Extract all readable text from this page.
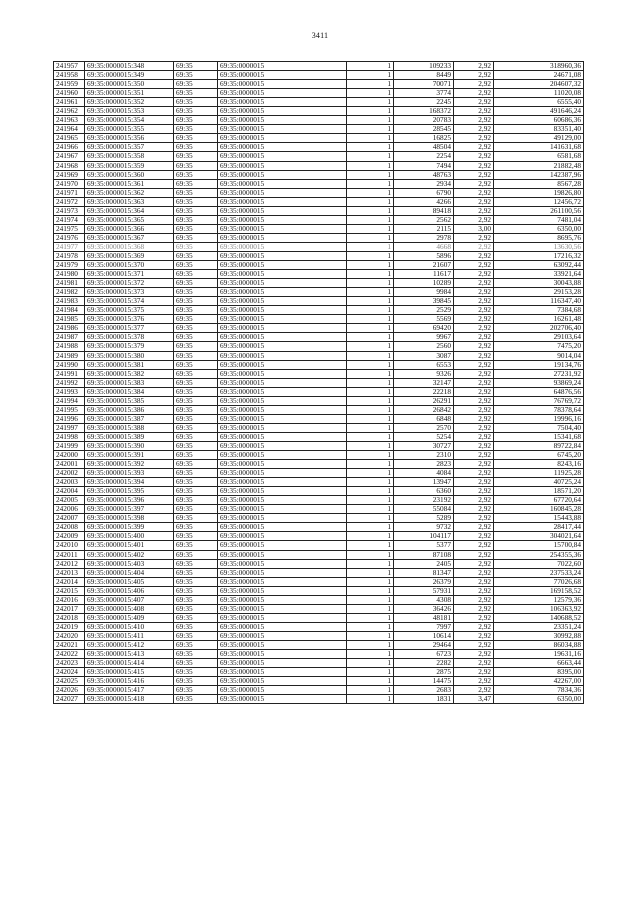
3411
241957	69:35:0000015:348	69:35	69:35:0000015	1	109233	2,92	318960,36
241958	69:35:0000015:349	69:35	69:35:0000015	1	8449	2,92	24671,08
241959	69:35:0000015:350	69:35	69:35:0000015	1	70071	2,92	204607,32
241960	69:35:0000015:351	69:35	69:35:0000015	1	3774	2,92	11020,08
241961	69:35:0000015:352	69:35	69:35:0000015	1	2245	2,92	6555,40
241962	69:35:0000015:353	69:35	69:35:0000015	1	168372	2,92	491646,24
241963	69:35:0000015:354	69:35	69:35:0000015	1	20783	2,92	60686,36
241964	69:35:0000015:355	69:35	69:35:0000015	1	28545	2,92	83351,40
241965	69:35:0000015:356	69:35	69:35:0000015	1	16825	2,92	49129,00
241966	69:35:0000015:357	69:35	69:35:0000015	1	48504	2,92	141631,68
241967	69:35:0000015:358	69:35	69:35:0000015	1	2254	2,92	6581,68
241968	69:35:0000015:359	69:35	69:35:0000015	1	7494	2,92	21882,48
241969	69:35:0000015:360	69:35	69:35:0000015	1	48763	2,92	142387,96
241970	69:35:0000015:361	69:35	69:35:0000015	1	2934	2,92	8567,28
241971	69:35:0000015:362	69:35	69:35:0000015	1	6790	2,92	19826,80
241972	69:35:0000015:363	69:35	69:35:0000015	1	4266	2,92	12456,72
241973	69:35:0000015:364	69:35	69:35:0000015	1	89418	2,92	261100,56
241974	69:35:0000015:365	69:35	69:35:0000015	1	2562	2,92	7481,04
241975	69:35:0000015:366	69:35	69:35:0000015	1	2115	3,00	6350,00
241976	69:35:0000015:367	69:35	69:35:0000015	1	2978	2,92	8695,76
241977	69:35:0000015:368	69:35	69:35:0000015	1	4668	2,92	13630,56
241978	69:35:0000015:369	69:35	69:35:0000015	1	5896	2,92	17216,32
241979	69:35:0000015:370	69:35	69:35:0000015	1	21607	2,92	63092,44
241980	69:35:0000015:371	69:35	69:35:0000015	1	11617	2,92	33921,64
241981	69:35:0000015:372	69:35	69:35:0000015	1	10289	2,92	30043,88
241982	69:35:0000015:373	69:35	69:35:0000015	1	9984	2,92	29153,28
241983	69:35:0000015:374	69:35	69:35:0000015	1	39845	2,92	116347,40
241984	69:35:0000015:375	69:35	69:35:0000015	1	2529	2,92	7384,68
241985	69:35:0000015:376	69:35	69:35:0000015	1	5569	2,92	16261,48
241986	69:35:0000015:377	69:35	69:35:0000015	1	69420	2,92	202706,40
241987	69:35:0000015:378	69:35	69:35:0000015	1	9967	2,92	29103,64
241988	69:35:0000015:379	69:35	69:35:0000015	1	2560	2,92	7475,20
241989	69:35:0000015:380	69:35	69:35:0000015	1	3087	2,92	9014,04
241990	69:35:0000015:381	69:35	69:35:0000015	1	6553	2,92	19134,76
241991	69:35:0000015:382	69:35	69:35:0000015	1	9326	2,92	27231,92
241992	69:35:0000015:383	69:35	69:35:0000015	1	32147	2,92	93869,24
241993	69:35:0000015:384	69:35	69:35:0000015	1	22218	2,92	64876,56
241994	69:35:0000015:385	69:35	69:35:0000015	1	26291	2,92	76769,72
241995	69:35:0000015:386	69:35	69:35:0000015	1	26842	2,92	78378,64
241996	69:35:0000015:387	69:35	69:35:0000015	1	6848	2,92	19996,16
241997	69:35:0000015:388	69:35	69:35:0000015	1	2570	2,92	7504,40
241998	69:35:0000015:389	69:35	69:35:0000015	1	5254	2,92	15341,68
241999	69:35:0000015:390	69:35	69:35:0000015	1	30727	2,92	89722,84
242000	69:35:0000015:391	69:35	69:35:0000015	1	2310	2,92	6745,20
242001	69:35:0000015:392	69:35	69:35:0000015	1	2823	2,92	8243,16
242002	69:35:0000015:393	69:35	69:35:0000015	1	4084	2,92	11925,28
242003	69:35:0000015:394	69:35	69:35:0000015	1	13947	2,92	40725,24
242004	69:35:0000015:395	69:35	69:35:0000015	1	6360	2,92	18571,20
242005	69:35:0000015:396	69:35	69:35:0000015	1	23192	2,92	67720,64
242006	69:35:0000015:397	69:35	69:35:0000015	1	55084	2,92	160845,28
242007	69:35:0000015:398	69:35	69:35:0000015	1	5289	2,92	15443,88
242008	69:35:0000015:399	69:35	69:35:0000015	1	9732	2,92	28417,44
242009	69:35:0000015:400	69:35	69:35:0000015	1	104117	2,92	304021,64
242010	69:35:0000015:401	69:35	69:35:0000015	1	5377	2,92	15700,84
242011	69:35:0000015:402	69:35	69:35:0000015	1	87108	2,92	254355,36
242012	69:35:0000015:403	69:35	69:35:0000015	1	2405	2,92	7022,60
242013	69:35:0000015:404	69:35	69:35:0000015	1	81347	2,92	237533,24
242014	69:35:0000015:405	69:35	69:35:0000015	1	26379	2,92	77026,68
242015	69:35:0000015:406	69:35	69:35:0000015	1	57931	2,92	169158,52
242016	69:35:0000015:407	69:35	69:35:0000015	1	4308	2,92	12579,36
242017	69:35:0000015:408	69:35	69:35:0000015	1	36426	2,92	106363,92
242018	69:35:0000015:409	69:35	69:35:0000015	1	48181	2,92	140688,52
242019	69:35:0000015:410	69:35	69:35:0000015	1	7997	2,92	23351,24
242020	69:35:0000015:411	69:35	69:35:0000015	1	10614	2,92	30992,88
242021	69:35:0000015:412	69:35	69:35:0000015	1	29464	2,92	86034,88
242022	69:35:0000015:413	69:35	69:35:0000015	1	6723	2,92	19631,16
242023	69:35:0000015:414	69:35	69:35:0000015	1	2282	2,92	6663,44
242024	69:35:0000015:415	69:35	69:35:0000015	1	2875	2,92	8395,00
242025	69:35:0000015:416	69:35	69:35:0000015	1	14475	2,92	42267,00
242026	69:35:0000015:417	69:35	69:35:0000015	1	2683	2,92	7834,36
242027	69:35:0000015:418	69:35	69:35:0000015	1	1831	3,47	6350,00
